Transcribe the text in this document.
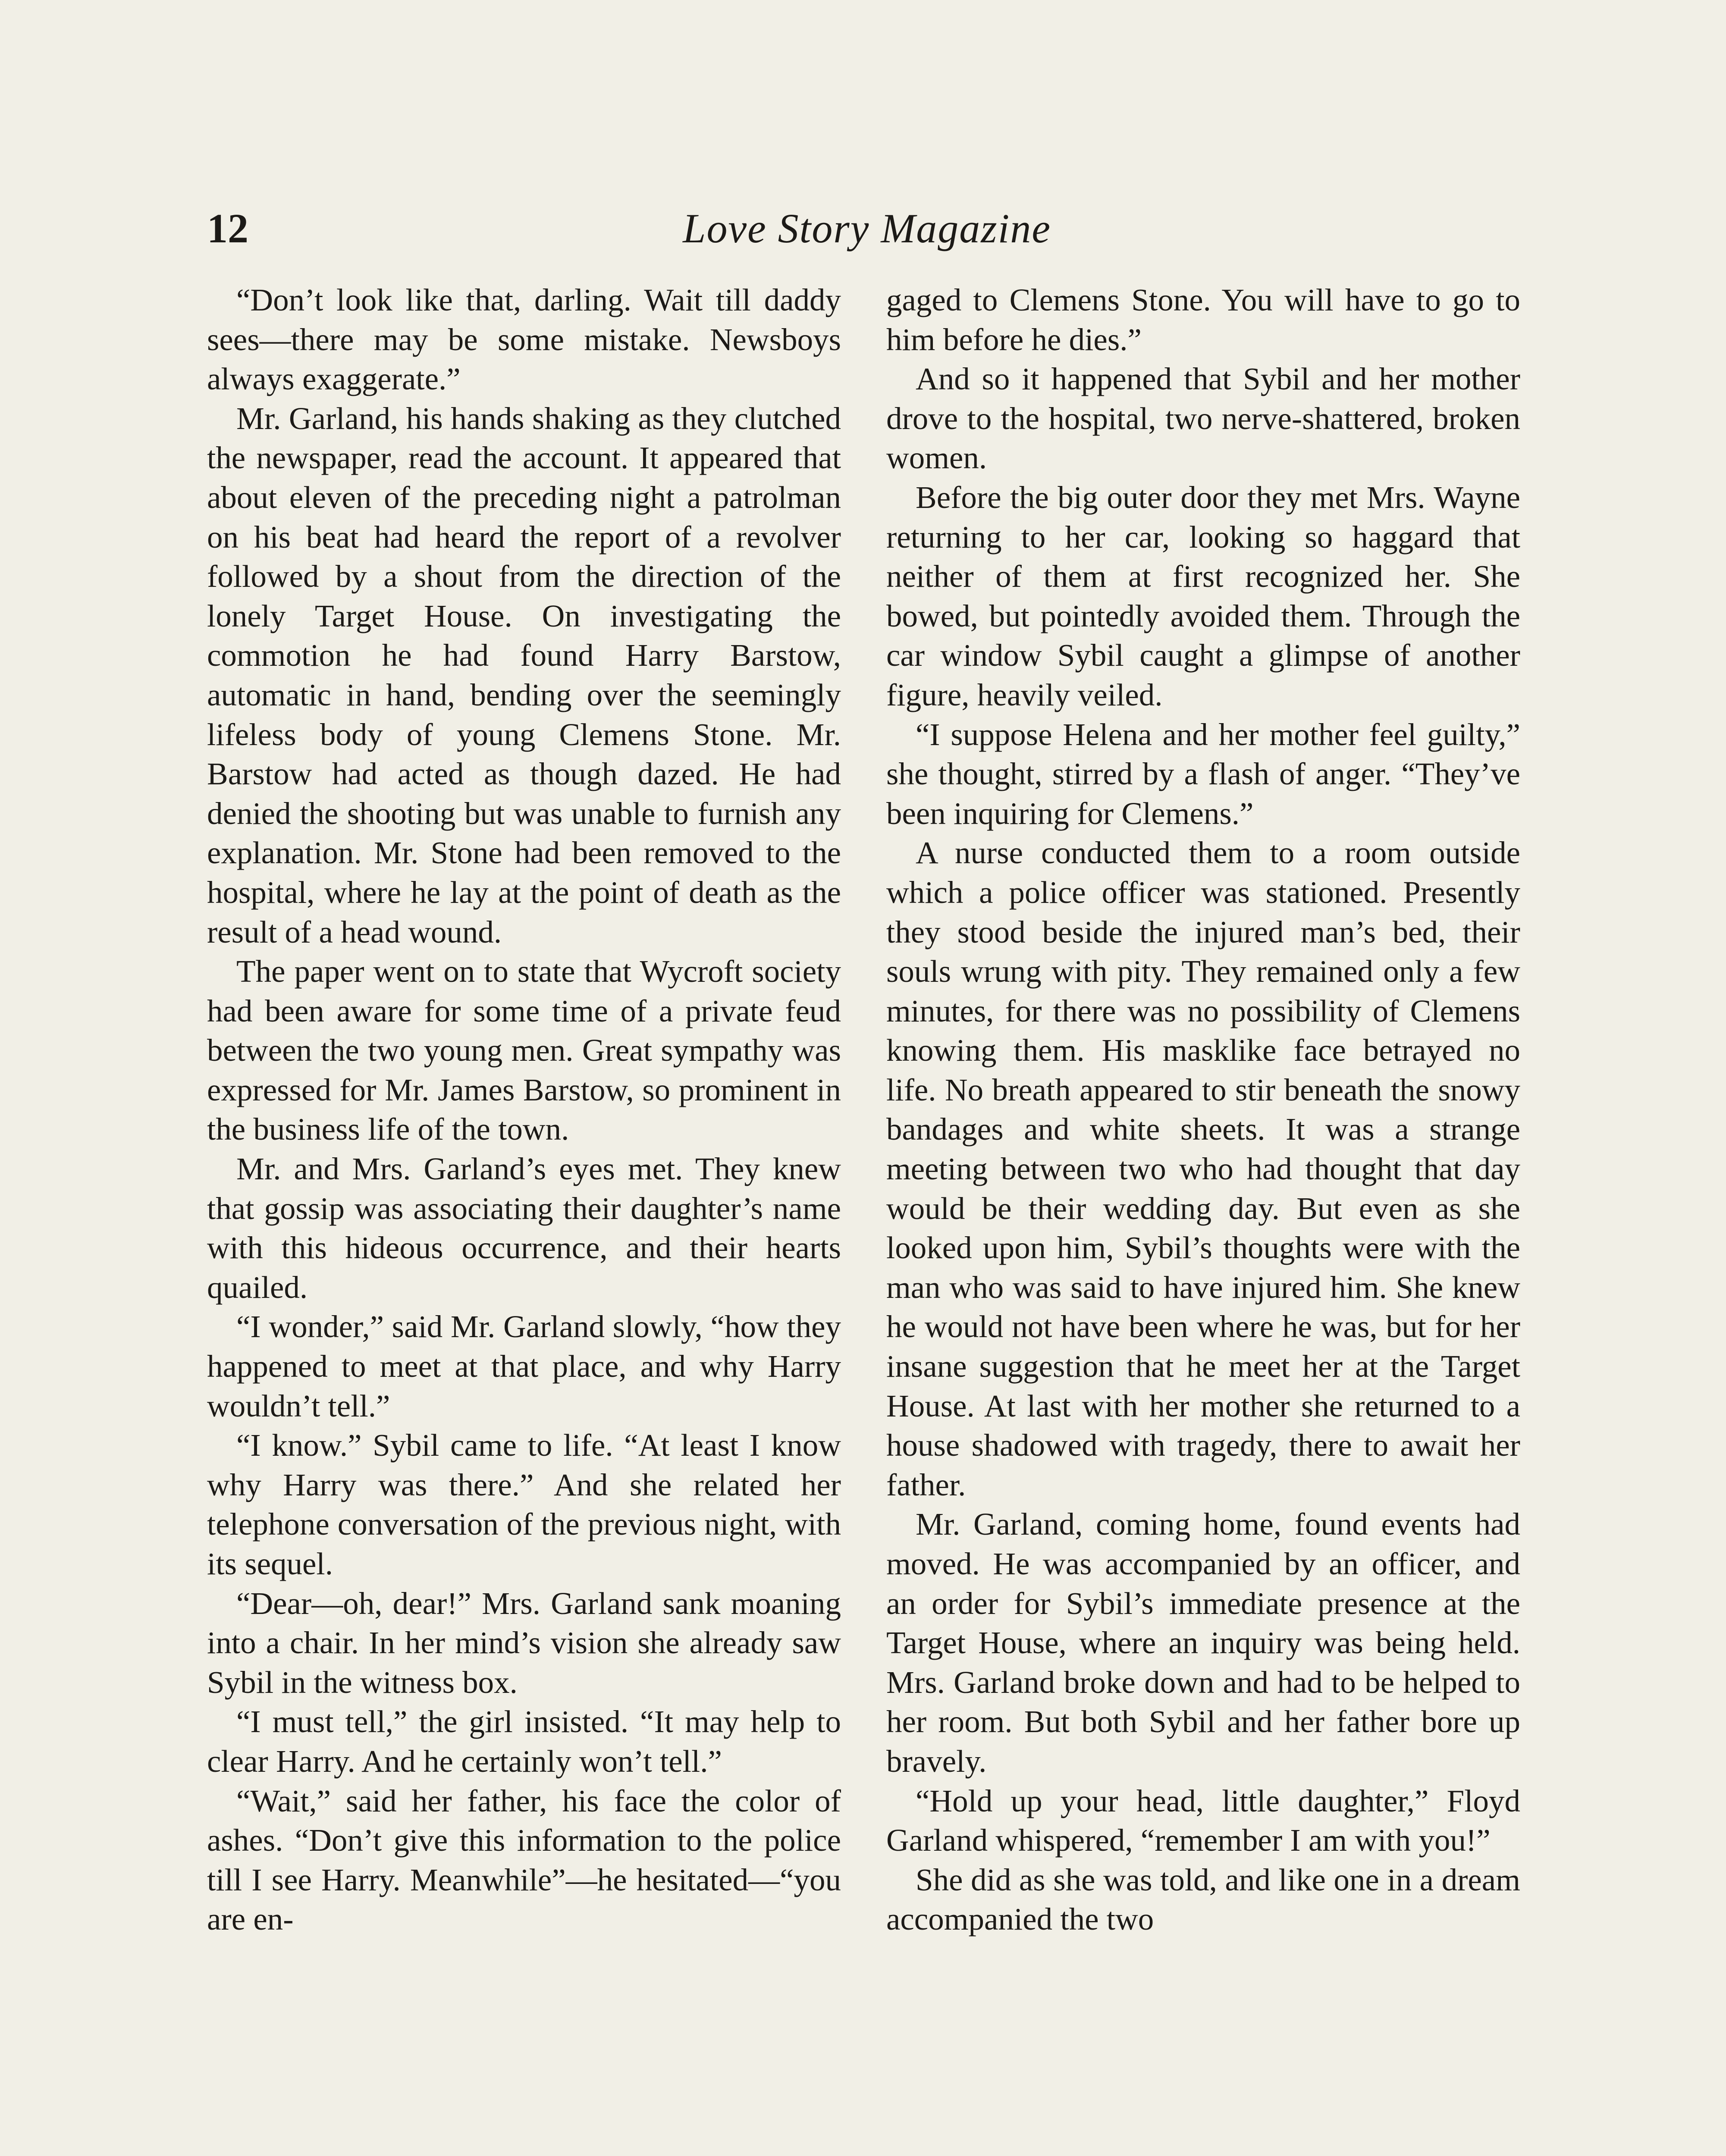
12	Love Story Magazine

“Don’t look like that, darling. Wait till daddy sees—there may be some mistake. Newsboys always exaggerate.”

Mr. Garland, his hands shaking as they clutched the newspaper, read the account. It appeared that about eleven of the preceding night a patrolman on his beat had heard the report of a revolver followed by a shout from the direction of the lonely Target House. On investigating the commotion he had found Harry Barstow, automatic in hand, bending over the seemingly lifeless body of young Clemens Stone. Mr. Barstow had acted as though dazed. He had denied the shooting but was unable to furnish any explanation. Mr. Stone had been removed to the hospital, where he lay at the point of death as the result of a head wound.

The paper went on to state that Wycroft society had been aware for some time of a private feud between the two young men. Great sympathy was expressed for Mr. James Barstow, so prominent in the business life of the town.

Mr. and Mrs. Garland’s eyes met. They knew that gossip was associating their daughter’s name with this hideous occurrence, and their hearts quailed.

“I wonder,” said Mr. Garland slowly, “how they happened to meet at that place, and why Harry wouldn’t tell.”

“I know.” Sybil came to life. “At least I know why Harry was there.” And she related her telephone conversation of the previous night, with its sequel.

“Dear—oh, dear!” Mrs. Garland sank moaning into a chair. In her mind’s vision she already saw Sybil in the witness box.

“I must tell,” the girl insisted. “It may help to clear Harry. And he certainly won’t tell.”

“Wait,” said her father, his face the color of ashes. “Don’t give this information to the police till I see Harry. Meanwhile”—he hesitated—“you are en-

gaged to Clemens Stone. You will have to go to him before he dies.”

And so it happened that Sybil and her mother drove to the hospital, two nerve-shattered, broken women.

Before the big outer door they met Mrs. Wayne returning to her car, looking so haggard that neither of them at first recognized her. She bowed, but pointedly avoided them. Through the car window Sybil caught a glimpse of another figure, heavily veiled.

“I suppose Helena and her mother feel guilty,” she thought, stirred by a flash of anger. “They’ve been inquiring for Clemens.”

A nurse conducted them to a room outside which a police officer was stationed. Presently they stood beside the injured man’s bed, their souls wrung with pity. They remained only a few minutes, for there was no possibility of Clemens knowing them. His masklike face betrayed no life. No breath appeared to stir beneath the snowy bandages and white sheets. It was a strange meeting between two who had thought that day would be their wedding day. But even as she looked upon him, Sybil’s thoughts were with the man who was said to have injured him. She knew he would not have been where he was, but for her insane suggestion that he meet her at the Target House. At last with her mother she returned to a house shadowed with tragedy, there to await her father.

Mr. Garland, coming home, found events had moved. He was accompanied by an officer, and an order for Sybil’s immediate presence at the Target House, where an inquiry was being held. Mrs. Garland broke down and had to be helped to her room. But both Sybil and her father bore up bravely.

“Hold up your head, little daughter,” Floyd Garland whispered, “remember I am with you!”

She did as she was told, and like one in a dream accompanied the two
